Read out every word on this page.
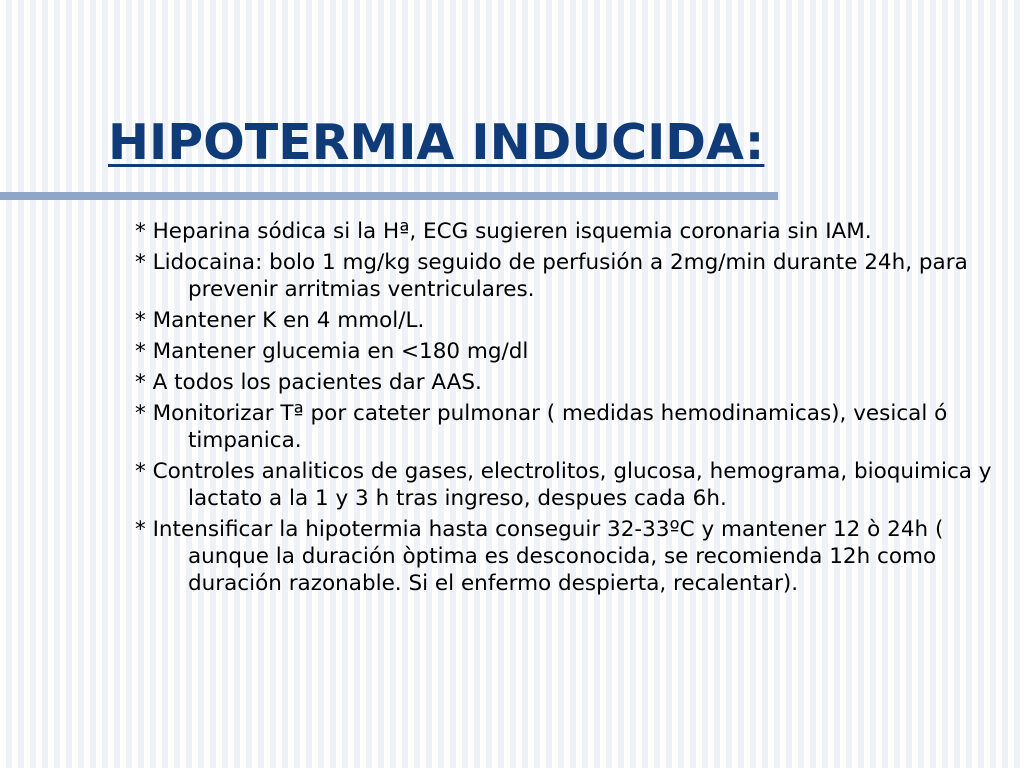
HIPOTERMIA INDUCIDA:
* Heparina sódica si la Hª, ECG sugieren isquemia coronaria sin IAM.
* Lidocaina: bolo 1 mg/kg seguido de perfusión a 2mg/min durante 24h, para prevenir arritmias ventriculares.
* Mantener K en 4 mmol/L.
* Mantener glucemia en <180 mg/dl
* A todos los pacientes dar AAS.
* Monitorizar Tª por cateter pulmonar ( medidas hemodinamicas), vesical ó timpanica.
* Controles analiticos de gases, electrolitos, glucosa, hemograma, bioquimica y lactato a la 1 y 3 h tras ingreso, despues cada 6h.
* Intensificar la hipotermia hasta conseguir 32-33ºC y mantener 12 ò 24h ( aunque la duración òptima es desconocida, se recomienda 12h como duración razonable. Si el enfermo despierta, recalentar).
